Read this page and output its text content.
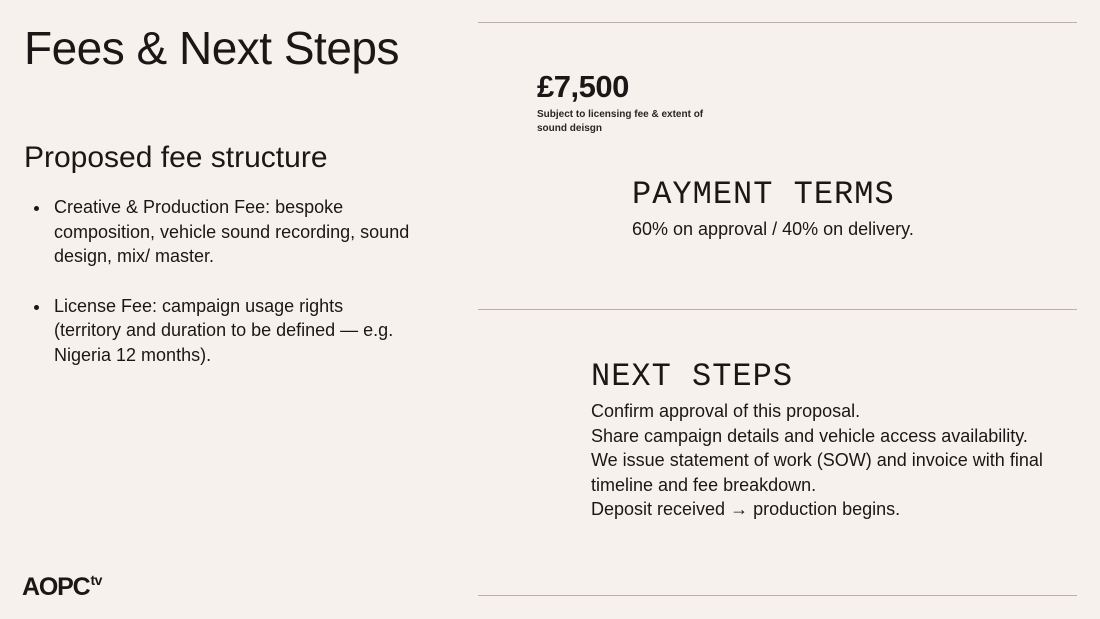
Fees & Next Steps
Proposed fee structure
Creative & Production Fee: bespoke composition, vehicle sound recording, sound design, mix/ master.
License Fee: campaign usage rights (territory and duration to be defined — e.g. Nigeria 12 months).
£7,500
Subject to licensing fee & extent of sound deisgn
PAYMENT TERMS
60% on approval / 40% on delivery.
NEXT STEPS
Confirm approval of this proposal.
Share campaign details and vehicle access availability.
We issue statement of work (SOW) and invoice with final timeline and fee breakdown.
Deposit received → production begins.
$AOPC^{tv}$
